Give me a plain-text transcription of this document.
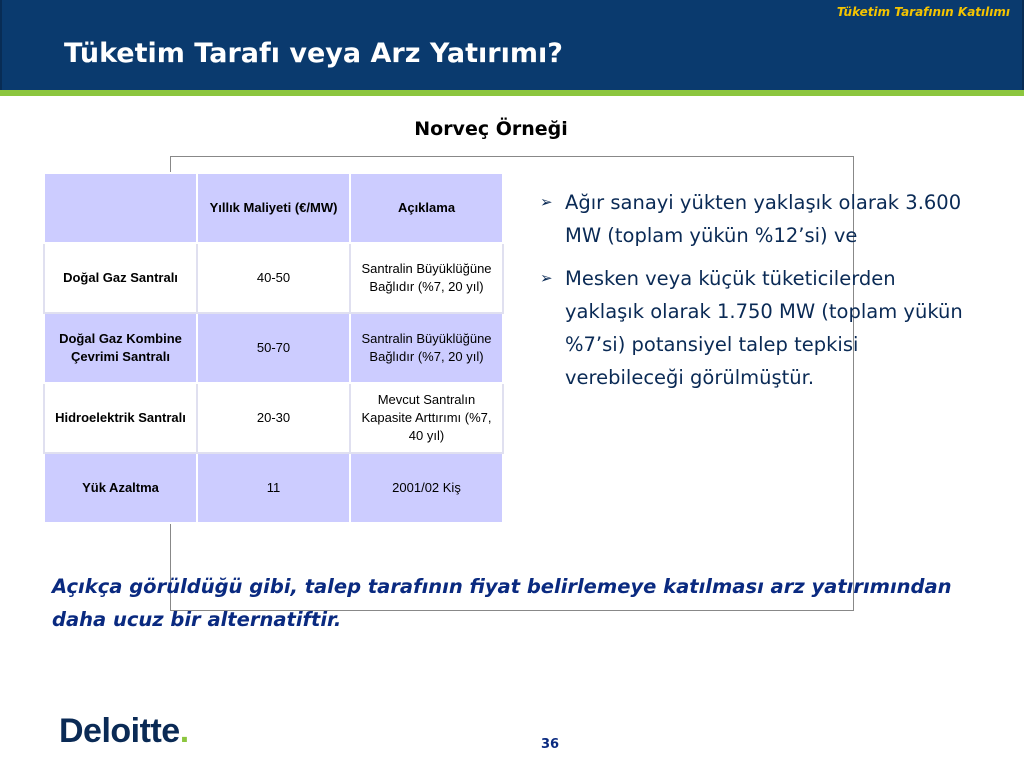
Tüketim Tarafının Katılımı
Tüketim Tarafı veya Arz Yatırımı?
Norveç Örneği
	Yıllık Maliyeti (€/MW)	Açıklama
Doğal Gaz Santralı	40-50	Santralin Büyüklüğüne Bağlıdır (%7, 20 yıl)
Doğal Gaz Kombine Çevrimi Santralı	50-70	Santralin Büyüklüğüne Bağlıdır (%7, 20 yıl)
Hidroelektrik Santralı	20-30	Mevcut Santralın Kapasite Arttırımı (%7, 40 yıl)
Yük Azaltma	11	2001/02 Kiş
➢ Ağır sanayi yükten yaklaşık olarak 3.600 MW (toplam yükün %12’si) ve
➢ Mesken veya küçük tüketicilerden yaklaşık olarak 1.750 MW (toplam yükün %7’si) potansiyel talep tepkisi verebileceği görülmüştür.
Açıkça görüldüğü gibi, talep tarafının fiyat belirlemeye katılması arz yatırımından daha ucuz bir alternatiftir.
Deloitte.	36
